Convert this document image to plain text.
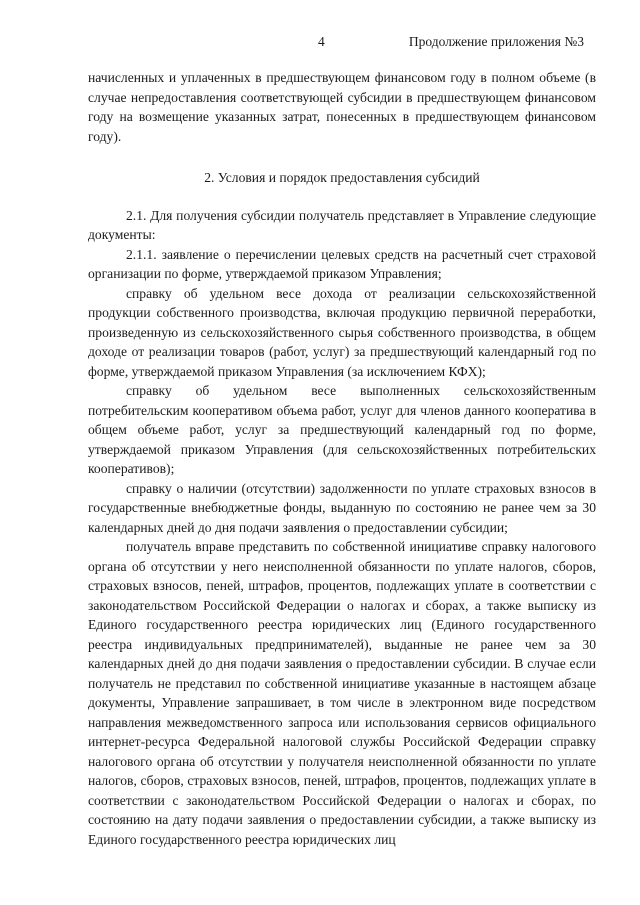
4	Продолжение приложения №3

начисленных и уплаченных в предшествующем финансовом году в полном объеме (в случае непредоставления соответствующей субсидии в предшествующем финансовом году на возмещение указанных затрат, понесенных в предшествующем финансовом году).

2. Условия и порядок предоставления субсидий

2.1. Для получения субсидии получатель представляет в Управление следующие документы:

2.1.1. заявление о перечислении целевых средств на расчетный счет страховой организации по форме, утверждаемой приказом Управления;

справку об удельном весе дохода от реализации сельскохозяйственной продукции собственного производства, включая продукцию первичной переработки, произведенную из сельскохозяйственного сырья собственного производства, в общем доходе от реализации товаров (работ, услуг) за предшествующий календарный год по форме, утверждаемой приказом Управления (за исключением КФХ);

справку об удельном весе выполненных сельскохозяйственным потребительским кооперативом объема работ, услуг для членов данного кооператива в общем объеме работ, услуг за предшествующий календарный год по форме, утверждаемой приказом Управления (для сельскохозяйственных потребительских кооперативов);

справку о наличии (отсутствии) задолженности по уплате страховых взносов в государственные внебюджетные фонды, выданную по состоянию не ранее чем за 30 календарных дней до дня подачи заявления о предоставлении субсидии;

получатель вправе представить по собственной инициативе справку налогового органа об отсутствии у него неисполненной обязанности по уплате налогов, сборов, страховых взносов, пеней, штрафов, процентов, подлежащих уплате в соответствии с законодательством Российской Федерации о налогах и сборах, а также выписку из Единого государственного реестра юридических лиц (Единого государственного реестра индивидуальных предпринимателей), выданные не ранее чем за 30 календарных дней до дня подачи заявления о предоставлении субсидии. В случае если получатель не представил по собственной инициативе указанные в настоящем абзаце документы, Управление запрашивает, в том числе в электронном виде посредством направления межведомственного запроса или использования сервисов официального интернет-ресурса Федеральной налоговой службы Российской Федерации справку налогового органа об отсутствии у получателя неисполненной обязанности по уплате налогов, сборов, страховых взносов, пеней, штрафов, процентов, подлежащих уплате в соответствии с законодательством Российской Федерации о налогах и сборах, по состоянию на дату подачи заявления о предоставлении субсидии, а также выписку из Единого государственного реестра юридических лиц
